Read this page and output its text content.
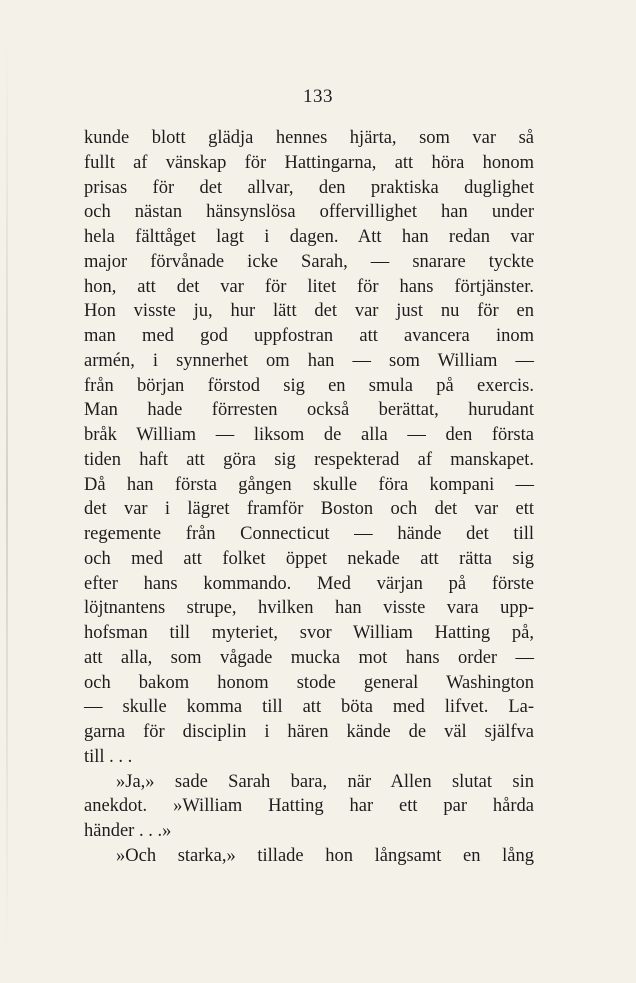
133
kunde blott glädja hennes hjärta, som var så
fullt af vänskap för Hattingarna, att höra honom
prisas för det allvar, den praktiska duglighet
och nästan hänsynslösa offervillighet han under
hela fälttåget lagt i dagen. Att han redan var
major förvånade icke Sarah, — snarare tyckte
hon, att det var för litet för hans förtjänster.
Hon visste ju, hur lätt det var just nu för en
man med god uppfostran att avancera inom
armén, i synnerhet om han — som William —
från början förstod sig en smula på exercis.
Man hade förresten också berättat, hurudant
bråk William — liksom de alla — den första
tiden haft att göra sig respekterad af manskapet.
Då han första gången skulle föra kompani —
det var i lägret framför Boston och det var ett
regemente från Connecticut — hände det till
och med att folket öppet nekade att rätta sig
efter hans kommando. Med värjan på förste
löjtnantens strupe, hvilken han visste vara upp-
hofsman till myteriet, svor William Hatting på,
att alla, som vågade mucka mot hans order —
och bakom honom stode general Washington
— skulle komma till att böta med lifvet. La-
garna för disciplin i hären kände de väl själfva
till . . .
»Ja,» sade Sarah bara, när Allen slutat sin
anekdot. »William Hatting har ett par hårda
händer . . .»
»Och starka,» tillade hon långsamt en lång
